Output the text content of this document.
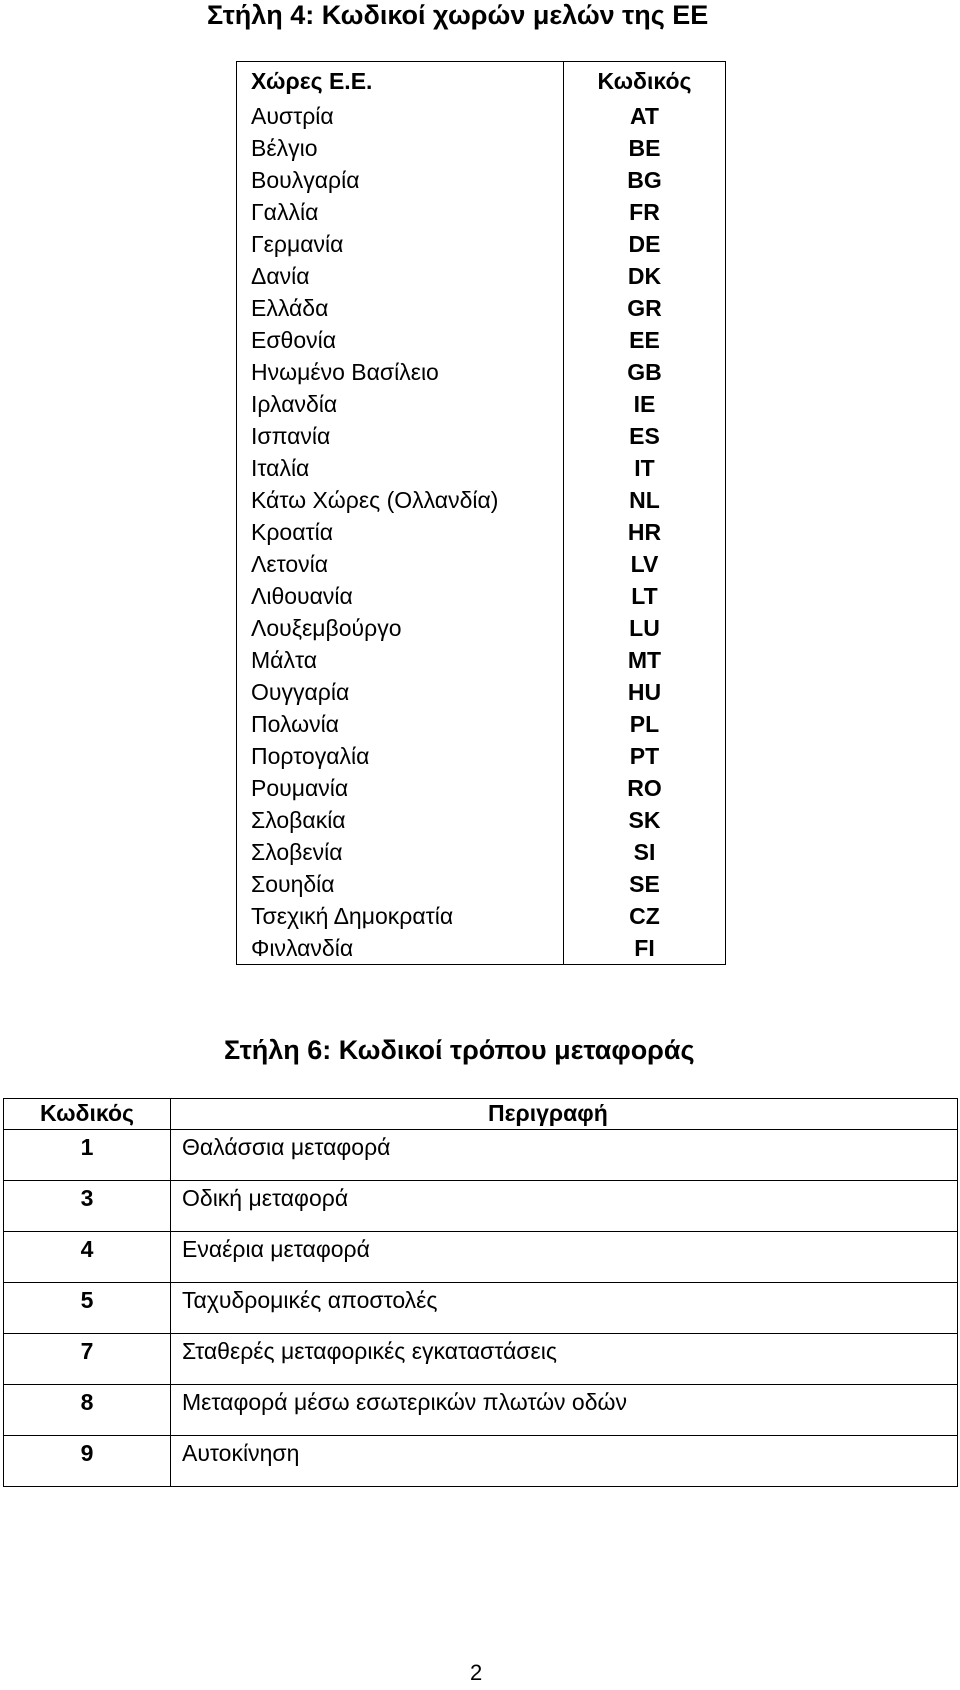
Στήλη 4: Κωδικοί χωρών μελών της ΕΕ
Χώρες Ε.Ε.	Κωδικός
Αυστρία	AT
Βέλγιο	BE
Βουλγαρία	BG
Γαλλία	FR
Γερμανία	DE
Δανία	DK
Ελλάδα	GR
Εσθονία	EE
Ηνωμένο Βασίλειο	GB
Ιρλανδία	IE
Ισπανία	ES
Ιταλία	IT
Κάτω Χώρες (Ολλανδία)	NL
Κροατία	HR
Λετονία	LV
Λιθουανία	LT
Λουξεμβούργο	LU
Μάλτα	MT
Ουγγαρία	HU
Πολωνία	PL
Πορτογαλία	PT
Ρουμανία	RO
Σλοβακία	SK
Σλοβενία	SI
Σουηδία	SE
Τσεχική Δημοκρατία	CZ
Φινλανδία	FI
Στήλη 6: Κωδικοί τρόπου μεταφοράς
Κωδικός	Περιγραφή
1	Θαλάσσια μεταφορά
3	Οδική μεταφορά
4	Εναέρια μεταφορά
5	Ταχυδρομικές αποστολές
7	Σταθερές μεταφορικές εγκαταστάσεις
8	Μεταφορά μέσω εσωτερικών πλωτών οδών
9	Αυτοκίνηση
2
